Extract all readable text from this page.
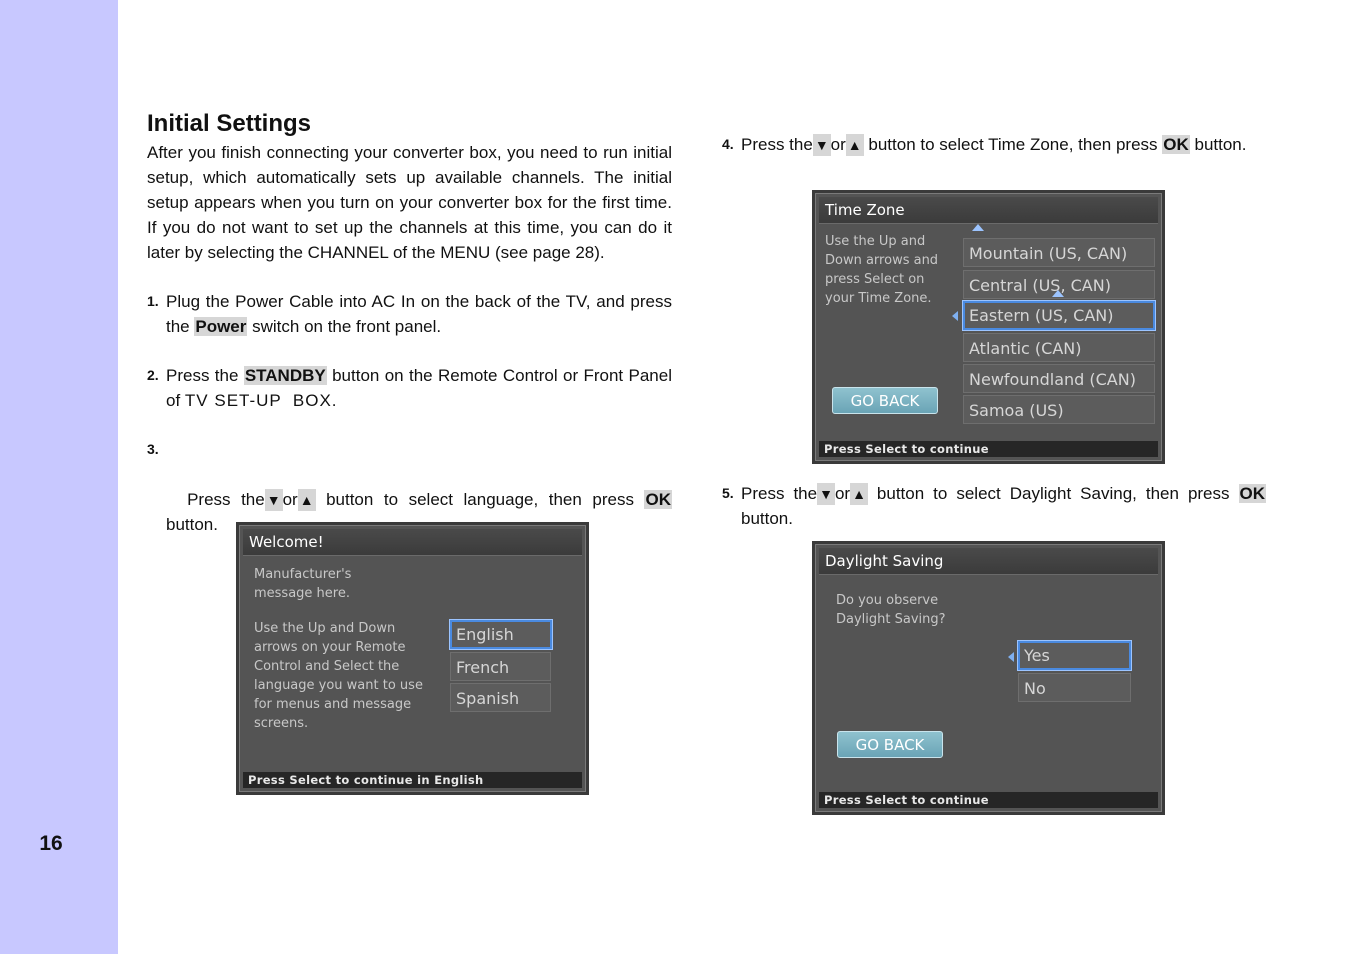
16
Initial Settings

After you finish connecting your converter box, you need to run initial setup, which automatically sets up available channels. The initial setup appears when you turn on your converter box for the first time. If you do not want to set up the channels at this time, you can do it later by selecting the CHANNEL of the MENU (see page 28).

1. Plug the Power Cable into AC In on the back of the TV, and press the Power switch on the front panel.
2. Press the STANDBY button on the Remote Control or Front Panel of TV SET-UP  BOX.

3.

Press  the ▼ or ▲  button  to  select  language,  then  press  OK button.

Welcome!
Manufacturer's message here.
Use the Up and Down arrows on your Remote Control and Select the language you want to use for menus and message screens.
English
French
Spanish
Press Select to continue in English
4. Press the ▼ or ▲ button to select Time Zone, then press OK button.
Time Zone
Use the Up and Down arrows and press Select on your Time Zone.
Mountain (US, CAN)
Central (US, CAN)
Eastern (US, CAN)
Atlantic (CAN)
Newfoundland (CAN)
Samoa (US)
GO BACK
Press Select to continue
5. Press the ▼ or ▲ button to select Daylight Saving, then press OK button.
Daylight Saving
Do you observe Daylight Saving?
Yes
No
GO BACK
Press Select to continue
